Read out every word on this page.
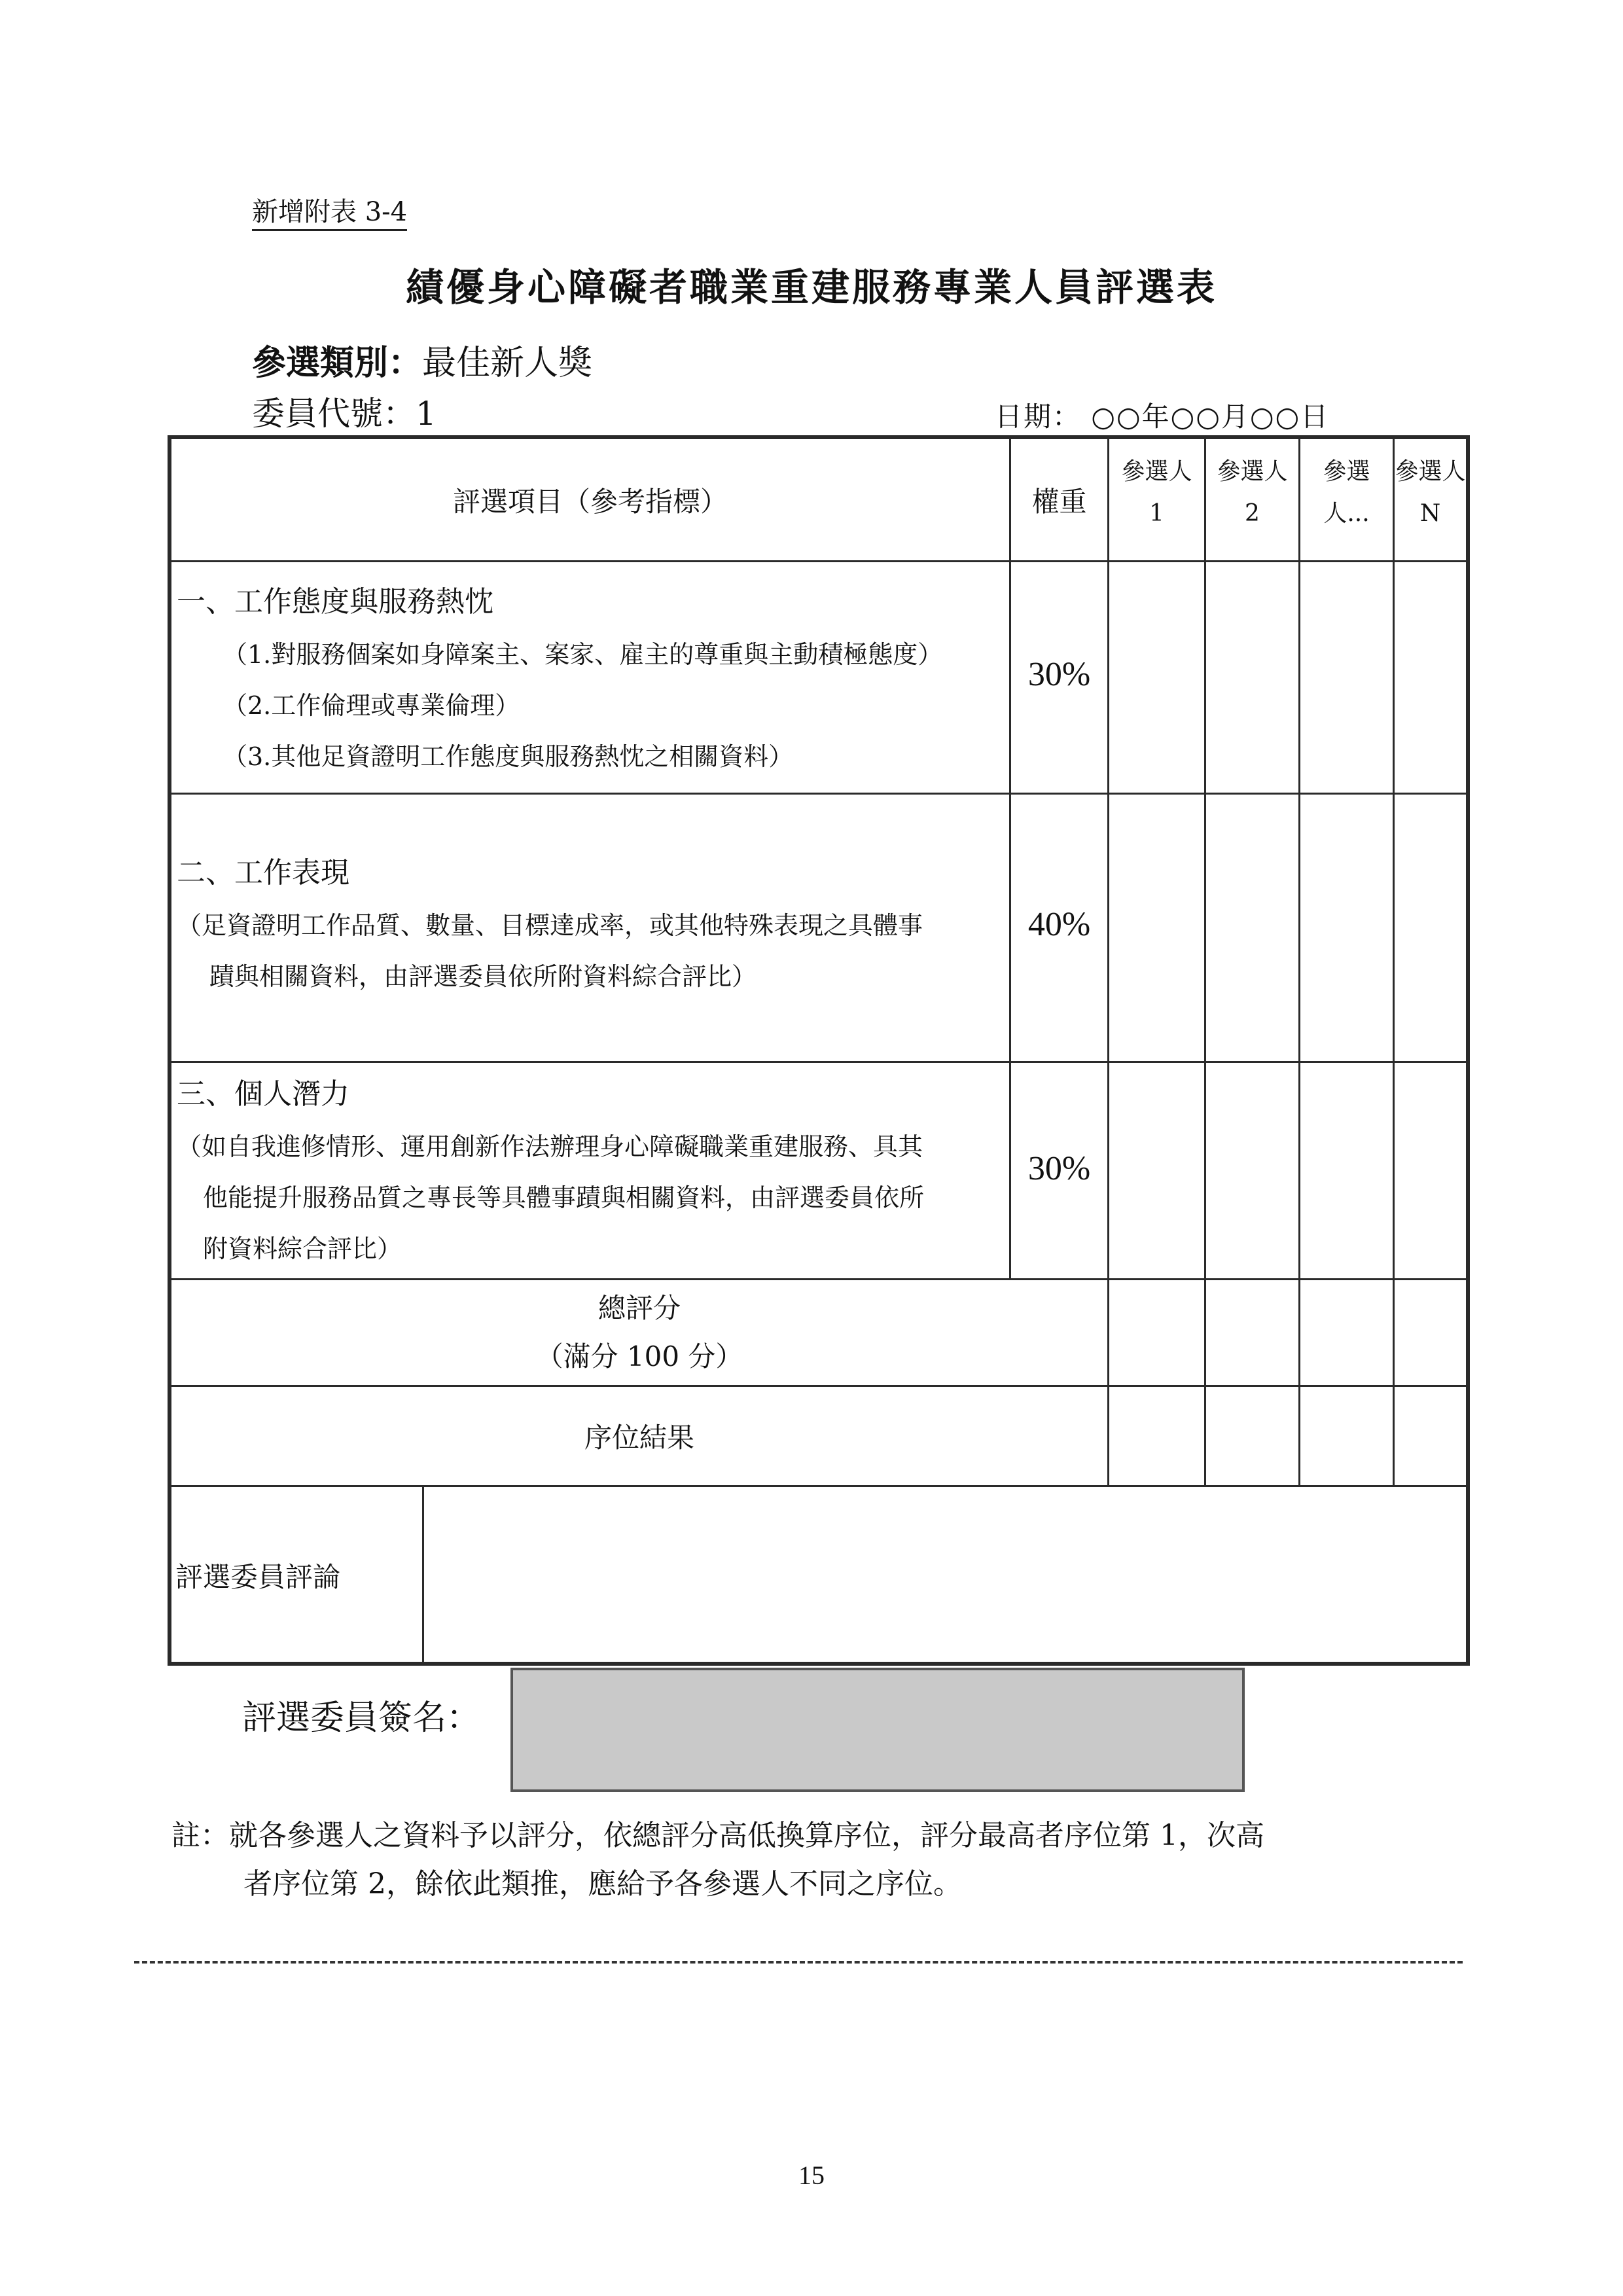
新增附表 3-4
績優身心障礙者職業重建服務專業人員評選表
參選類別：最佳新人獎
委員代號：1	日期： ○○年○○月○○日
評選項目（參考指標）	權重
參選人
1
參選人
2
參選
人...
參選人
N
一、工作態度與服務熱忱
（1.對服務個案如身障案主、案家、雇主的尊重與主動積極態度）
（2.工作倫理或專業倫理）
（3.其他足資證明工作態度與服務熱忱之相關資料）
30%
二、工作表現
（足資證明工作品質、數量、目標達成率，或其他特殊表現之具體事
蹟與相關資料，由評選委員依所附資料綜合評比）
40%
三、個人潛力
（如自我進修情形、運用創新作法辦理身心障礙職業重建服務、具其
他能提升服務品質之專長等具體事蹟與相關資料，由評選委員依所
附資料綜合評比）
30%
總評分
（滿分 100 分）
序位結果
評選委員評論
評選委員簽名：
註：就各參選人之資料予以評分，依總評分高低換算序位，評分最高者序位第 1，次高
者序位第 2，餘依此類推，應給予各參選人不同之序位。
15
